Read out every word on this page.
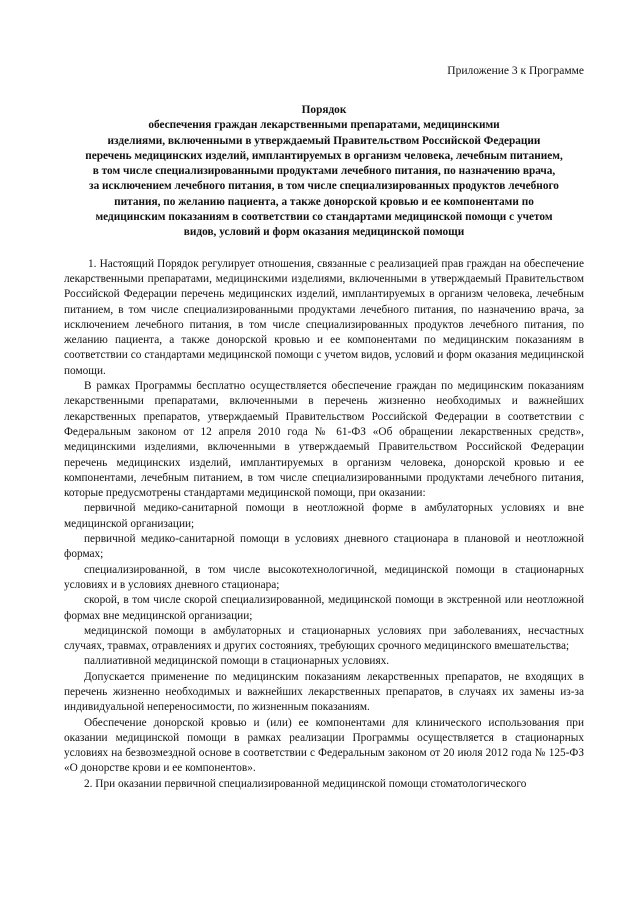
Приложение 3 к Программе
Порядок
обеспечения граждан лекарственными препаратами, медицинскими
изделиями, включенными в утверждаемый Правительством Российской Федерации
перечень медицинских изделий, имплантируемых в организм человека, лечебным питанием,
в том числе специализированными продуктами лечебного питания, по назначению врача,
за исключением лечебного питания, в том числе специализированных продуктов лечебного
питания, по желанию пациента, а также донорской кровью и ее компонентами по
медицинским показаниям в соответствии со стандартами медицинской помощи с учетом
видов, условий и форм оказания медицинской помощи

1. Настоящий Порядок регулирует отношения, связанные с реализацией прав граждан на обеспечение лекарственными препаратами, медицинскими изделиями, включенными в утверждаемый Правительством Российской Федерации перечень медицинских изделий, имплантируемых в организм человека, лечебным питанием, в том числе специализированными продуктами лечебного питания, по назначению врача, за исключением лечебного питания, в том числе специализированных продуктов лечебного питания, по желанию пациента, а также донорской кровью и ее компонентами по медицинским показаниям в соответствии со стандартами медицинской помощи с учетом видов, условий и форм оказания медицинской помощи.

В рамках Программы бесплатно осуществляется обеспечение граждан по медицинским показаниям лекарственными препаратами, включенными в перечень жизненно необходимых и важнейших лекарственных препаратов, утверждаемый Правительством Российской Федерации в соответствии с Федеральным законом от 12 апреля 2010 года № 61-ФЗ «Об обращении лекарственных средств», медицинскими изделиями, включенными в утверждаемый Правительством Российской Федерации перечень медицинских изделий, имплантируемых в организм человека, донорской кровью и ее компонентами, лечебным питанием, в том числе специализированными продуктами лечебного питания, которые предусмотрены стандартами медицинской помощи, при оказании:

первичной медико-санитарной помощи в неотложной форме в амбулаторных условиях и вне медицинской организации;

первичной медико-санитарной помощи в условиях дневного стационара в плановой и неотложной формах;

специализированной, в том числе высокотехнологичной, медицинской помощи в стационарных условиях и в условиях дневного стационара;

скорой, в том числе скорой специализированной, медицинской помощи в экстренной или неотложной формах вне медицинской организации;

медицинской помощи в амбулаторных и стационарных условиях при заболеваниях, несчастных случаях, травмах, отравлениях и других состояниях, требующих срочного медицинского вмешательства;

паллиативной медицинской помощи в стационарных условиях.

Допускается применение по медицинским показаниям лекарственных препаратов, не входящих в перечень жизненно необходимых и важнейших лекарственных препаратов, в случаях их замены из-за индивидуальной непереносимости, по жизненным показаниям.

Обеспечение донорской кровью и (или) ее компонентами для клинического использования при оказании медицинской помощи в рамках реализации Программы осуществляется в стационарных условиях на безвозмездной основе в соответствии с Федеральным законом от 20 июля 2012 года № 125-ФЗ «О донорстве крови и ее компонентов».

2. При оказании первичной специализированной медицинской помощи стоматологического
